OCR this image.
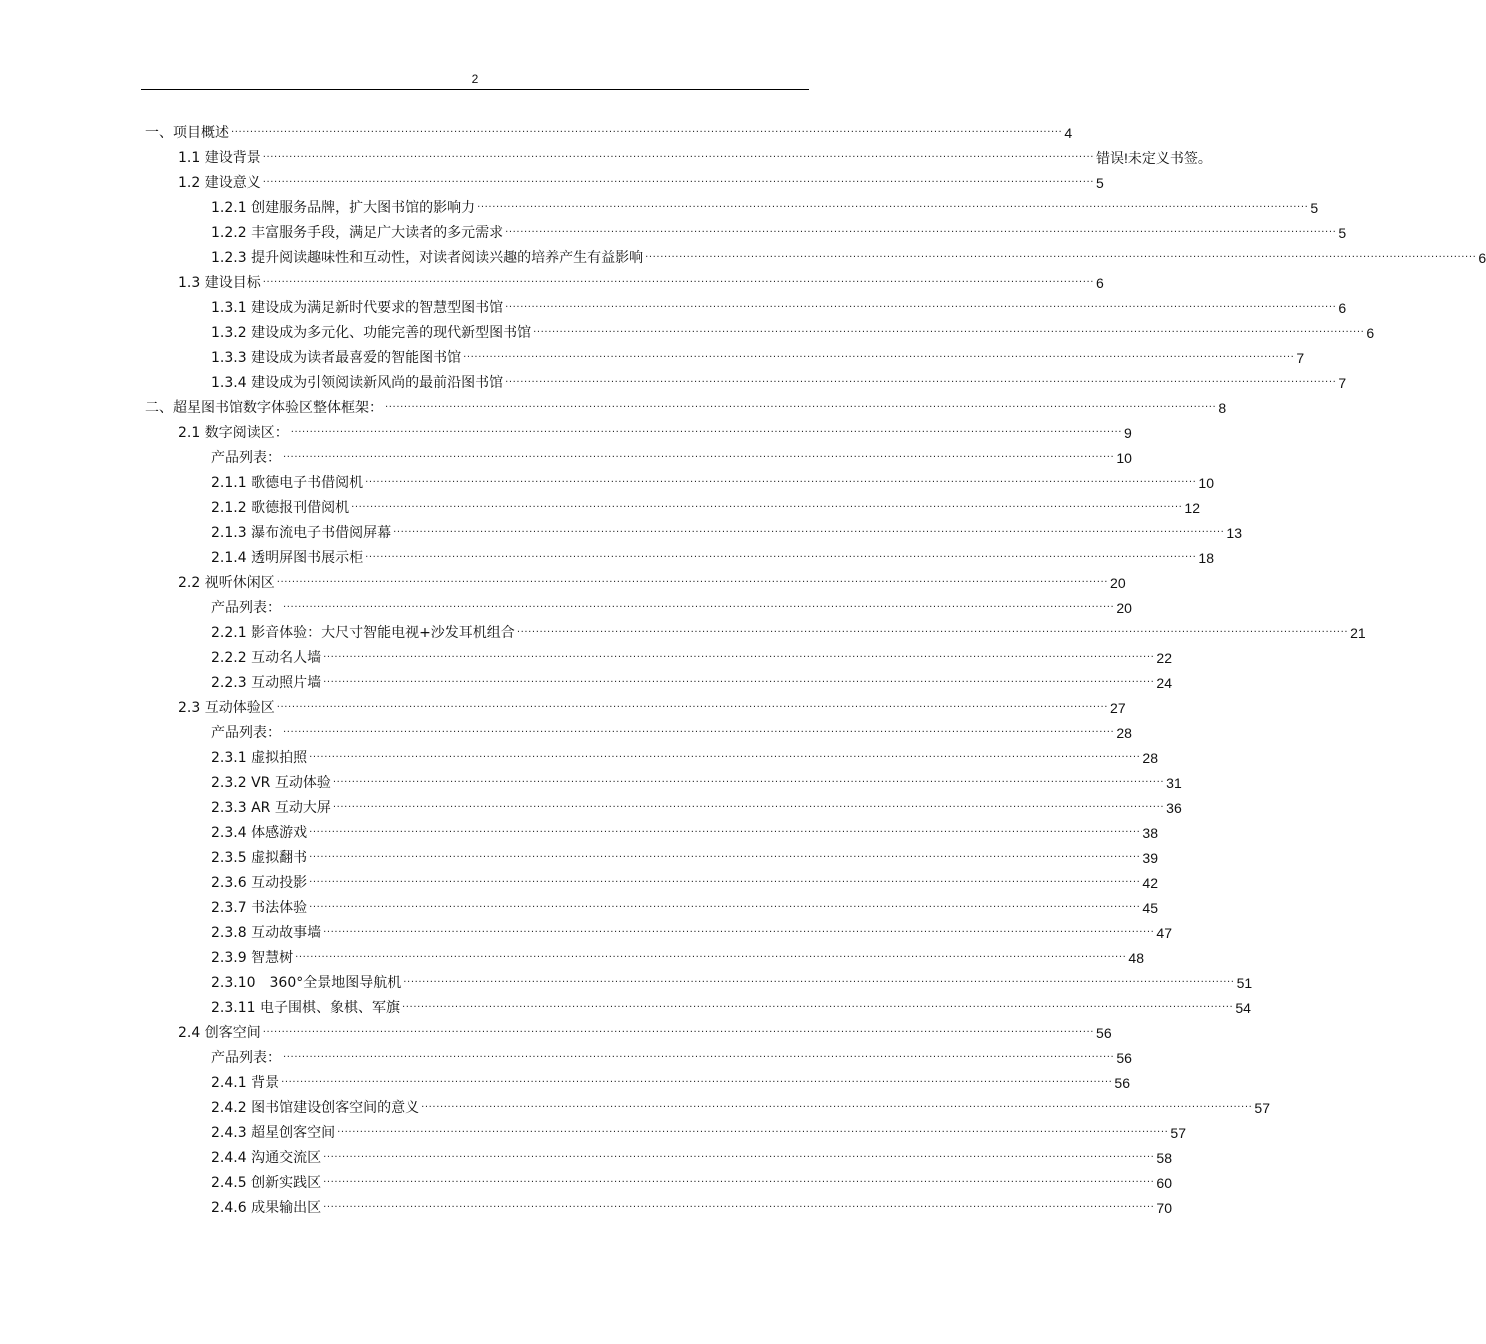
2
一、项目概述 ............................................................................................................................................................................................................................ 4
1.1 建设背景 ............................................................................................................................................................................................................................ 错误!未定义书签。
1.2 建设意义 ............................................................................................................................................................................................................................ 5
1.2.1 创建服务品牌，扩大图书馆的影响力 ............................................................................................................................................................................................................................ 5
1.2.2 丰富服务手段，满足广大读者的多元需求 ............................................................................................................................................................................................................................ 5
1.2.3 提升阅读趣味性和互动性，对读者阅读兴趣的培养产生有益影响 ............................................................................................................................................................................................................................ 6
1.3 建设目标 ............................................................................................................................................................................................................................ 6
1.3.1 建设成为满足新时代要求的智慧型图书馆 ............................................................................................................................................................................................................................ 6
1.3.2 建设成为多元化、功能完善的现代新型图书馆 ............................................................................................................................................................................................................................ 6
1.3.3 建设成为读者最喜爱的智能图书馆 ............................................................................................................................................................................................................................ 7
1.3.4 建设成为引领阅读新风尚的最前沿图书馆 ............................................................................................................................................................................................................................ 7
二、超星图书馆数字体验区整体框架： ............................................................................................................................................................................................................................ 8
2.1 数字阅读区： ............................................................................................................................................................................................................................ 9
产品列表： ............................................................................................................................................................................................................................ 10
2.1.1 歌德电子书借阅机 ............................................................................................................................................................................................................................ 10
2.1.2 歌德报刊借阅机 ............................................................................................................................................................................................................................ 12
2.1.3 瀑布流电子书借阅屏幕 ............................................................................................................................................................................................................................ 13
2.1.4 透明屏图书展示柜 ............................................................................................................................................................................................................................ 18
2.2 视听休闲区 ............................................................................................................................................................................................................................ 20
产品列表： ............................................................................................................................................................................................................................ 20
2.2.1 影音体验：大尺寸智能电视+沙发耳机组合 ............................................................................................................................................................................................................................ 21
2.2.2 互动名人墙 ............................................................................................................................................................................................................................ 22
2.2.3 互动照片墙 ............................................................................................................................................................................................................................ 24
2.3 互动体验区 ............................................................................................................................................................................................................................ 27
产品列表： ............................................................................................................................................................................................................................ 28
2.3.1 虚拟拍照 ............................................................................................................................................................................................................................ 28
2.3.2 VR 互动体验 ............................................................................................................................................................................................................................ 31
2.3.3 AR 互动大屏 ............................................................................................................................................................................................................................ 36
2.3.4 体感游戏 ............................................................................................................................................................................................................................ 38
2.3.5 虚拟翻书 ............................................................................................................................................................................................................................ 39
2.3.6 互动投影 ............................................................................................................................................................................................................................ 42
2.3.7 书法体验 ............................................................................................................................................................................................................................ 45
2.3.8 互动故事墙 ............................................................................................................................................................................................................................ 47
2.3.9 智慧树 ............................................................................................................................................................................................................................ 48
2.3.10　360°全景地图导航机 ............................................................................................................................................................................................................................ 51
2.3.11 电子围棋、象棋、军旗 ............................................................................................................................................................................................................................ 54
2.4 创客空间 ............................................................................................................................................................................................................................ 56
产品列表： ............................................................................................................................................................................................................................ 56
2.4.1 背景 ............................................................................................................................................................................................................................ 56
2.4.2 图书馆建设创客空间的意义 ............................................................................................................................................................................................................................ 57
2.4.3 超星创客空间 ............................................................................................................................................................................................................................ 57
2.4.4 沟通交流区 ............................................................................................................................................................................................................................ 58
2.4.5 创新实践区 ............................................................................................................................................................................................................................ 60
2.4.6 成果输出区 ............................................................................................................................................................................................................................ 70
